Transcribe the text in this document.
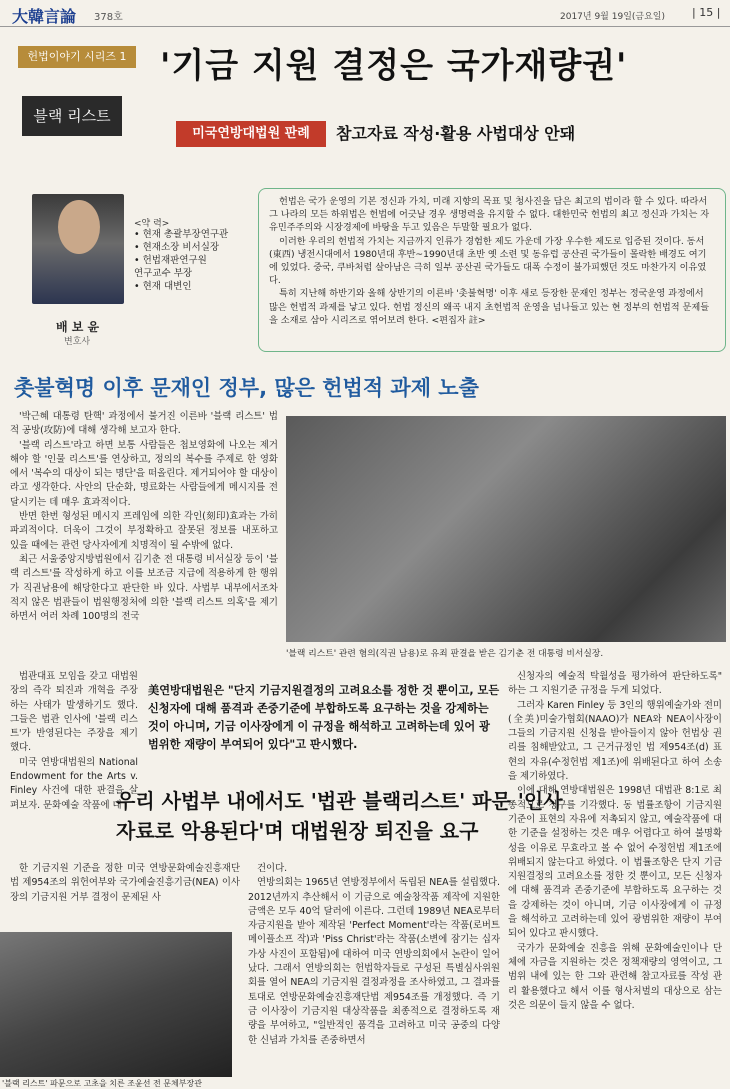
大韓言論 378호	2017년 9월 19일(금요일) | 15 |
헌법이야기 시리즈 1 '기금 지원 결정은 국가재량권'
블랙 리스트
미국연방대법원 판례	참고자료 작성·활용 사법대상 안돼
<약 력>
• 현재 총괄부장연구관
• 현재소장 비서실장
• 헌법재판연구원
연구교수 부장
• 현재 대변인
배 보 윤
변호사

헌법은 국가 운영의 기본 정신과 가치, 미래 지향의 목표 및 청사진을 담은 최고의 법이라 할 수 있다. 따라서 그 나라의 모든 하위법은 헌법에 어긋날 경우 생명력을 유지할 수 없다. 대한민국 헌법의 최고 정신과 가치는 자유민주주의와 시장경제에 바탕을 두고 있음은 두말할 필요가 없다.

이러한 우리의 헌법적 가치는 지금까지 인류가 경험한 제도 가운데 가장 우수한 제도로 입증된 것이다. 동서(東西) 냉전시대에서 1980년대 후반~1990년대 초반 옛 소련 및 동유럽 공산권 국가들이 몰락한 배경도 여기에 있었다. 중국, 쿠바처럼 살아남은 극히 일부 공산권 국가들도 대폭 수정이 불가피했던 것도 마찬가지 이유였다.

특히 지난해 하반기와 올해 상반기의 이른바 '촛불혁명' 이후 새로 등장한 문재인 정부는 정국운영 과정에서 많은 헌법적 과제를 낳고 있다. 헌법 정신의 왜곡 내지 초헌법적 운영을 넘나들고 있는 현 정부의 헌법적 문제들을 소재로 삼아 시리즈로 엮어보려 한다. <편집자 註>

촛불혁명 이후 문재인 정부, 많은 헌법적 과제 노출

'박근혜 대통령 탄핵' 과정에서 불거진 이른바 '블랙 리스트' 법적 공방(攻防)에 대해 생각해 보고자 한다.

'블랙 리스트'라고 하면 보통 사람들은 첩보영화에 나오는 제거해야 할 '인물 리스트'를 연상하고, 정의의 복수를 주제로 한 영화에서 '복수의 대상이 되는 명단'을 떠올린다. 제거되어야 할 대상이라고 생각한다. 사안의 단순화, 명료화는 사람들에게 메시지를 전달시키는 데 매우 효과적이다.

반면 한번 형성된 메시지 프레임에 의한 각인(刻印)효과는 가히 파괴적이다. 더욱이 그것이 부정확하고 잘못된 정보를 내포하고 있을 때에는 관련 당사자에게 치명적이 될 수밖에 없다.

최근 서울중앙지방법원에서 김기춘 전 대통령 비서실장 등이 '블랙 리스트'를 작성하게 하고 이를 보조금 지급에 적용하게 한 행위가 직권남용에 해당한다고 판단한 바 있다. 사법부 내부에서조차 적지 않은 법관들이 법원행정처에 의한 '블랙 리스트 의혹'을 제기하면서 여러 차례 100명의 전국

법관대표 모임을 갖고 대법원장의 즉각 퇴진과 개혁을 주장하는 사태가 발생하기도 했다. 그들은 법관 인사에 '블랙 리스트'가 반영된다는 주장을 제기했다.

미국 연방대법원의 National Endowment for the Arts v. Finley 사건에 대한 판결을 살펴보자. 문화예술 작품에 대

'블랙 리스트' 관련 혐의(직권 남용)로 유죄 판결을 받은 김기춘 전 대통령 비서실장.
美연방대법원은 "단지 기금지원결정의 고려요소를 정한 것 뿐이고, 모든 신청자에 대해 품격과 존중기준에 부합하도록 요구하는 것을 강제하는 것이 아니며, 기금 이사장에게 이 규정을 해석하고 고려하는데 있어 광범위한 재량이 부여되어 있다"고 판시했다.

신청자의 예술적 탁월성을 평가하여 판단하도록" 하는 그 지원기준 규정을 두게 되었다.

그러자 Karen Finley 등 3인의 행위예술가와 전미(全美)미술가협회(NAAO)가 NEA와 NEA이사장이 그들의 기금지원 신청을 받아들이지 않아 헌법상 권리를 침해받았고, 그 근거규정인 법 제954조(d) 표현의 자유(수정헌법 제1조)에 위배된다고 하여 소송을 제기하였다.

이에 대해 연방대법원은 1998년 대법관 8:1로 최종적으로 청구를 기각했다. 동 법률조항이 기금지원기준이 표현의 자유에 저촉되지 않고, 예술작품에 대한 기준을 설정하는 것은 매우 어렵다고 하여 불명확성을 이유로 무효라고 볼 수 없어 수정헌법 제1조에 위배되지 않는다고 하였다. 이 법률조항은 단지 기금지원결정의 고려요소를 정한 것 뿐이고, 모든 신청자에 대해 품격과 존중기준에 부합하도록 요구하는 것을 강제하는 것이 아니며, 기금 이사장에게 이 규정을 해석하고 고려하는데 있어 광범위한 재량이 부여되어 있다고 판시했다.

국가가 문화예술 진흥을 위해 문화예술인이나 단체에 자금을 지원하는 것은 정책재량의 영역이고, 그 범위 내에 있는 한 그와 관련해 참고자료를 작성 관리 활용했다고 해서 이를 형사처벌의 대상으로 삼는 것은 의문이 들지 않을 수 없다.

우리 사법부 내에서도 '법관 블랙리스트' 파문 '인사 자료로 악용된다'며 대법원장 퇴진을 요구

한 기금지원 기준을 정한 미국 연방문화예술진흥재단법 제954조의 위헌여부와 국가예술진흥기금(NEA) 이사장의 기금지원 거부 결정이 문제된 사

건이다.

연방의회는 1965년 연방정부에서 독립된 NEA를 설립했다. 2012년까지 추산해서 이 기금으로 예술창작품 제작에 지원한 금액은 모두 40억 달러에 이른다. 그런데 1989년 NEA로부터 자금지원을 받아 제작된 'Perfect Moment'라는 작품(로버트 메이플소프 작)과 'Piss Christ'라는 작품(소변에 잠기는 십자가상 사진이 포함됨)에 대하여 미국 연방의회에서 논란이 일어났다. 그래서 연방의회는 헌법학자들로 구성된 특별심사위원회를 열어 NEA의 기금지원 결정과정을 조사하였고, 그 결과를 토대로 연방문화예술진흥재단법 제954조를 개정했다. 즉 기금 이사장이 기금지원 대상작품을 최종적으로 결정하도록 재량을 부여하고, "일반적인 품격을 고려하고 미국 공중의 다양한 신념과 가치를 존중하면서

'블랙 리스트' 파문으로 고초을 치른 조윤선 전 문체부장관
